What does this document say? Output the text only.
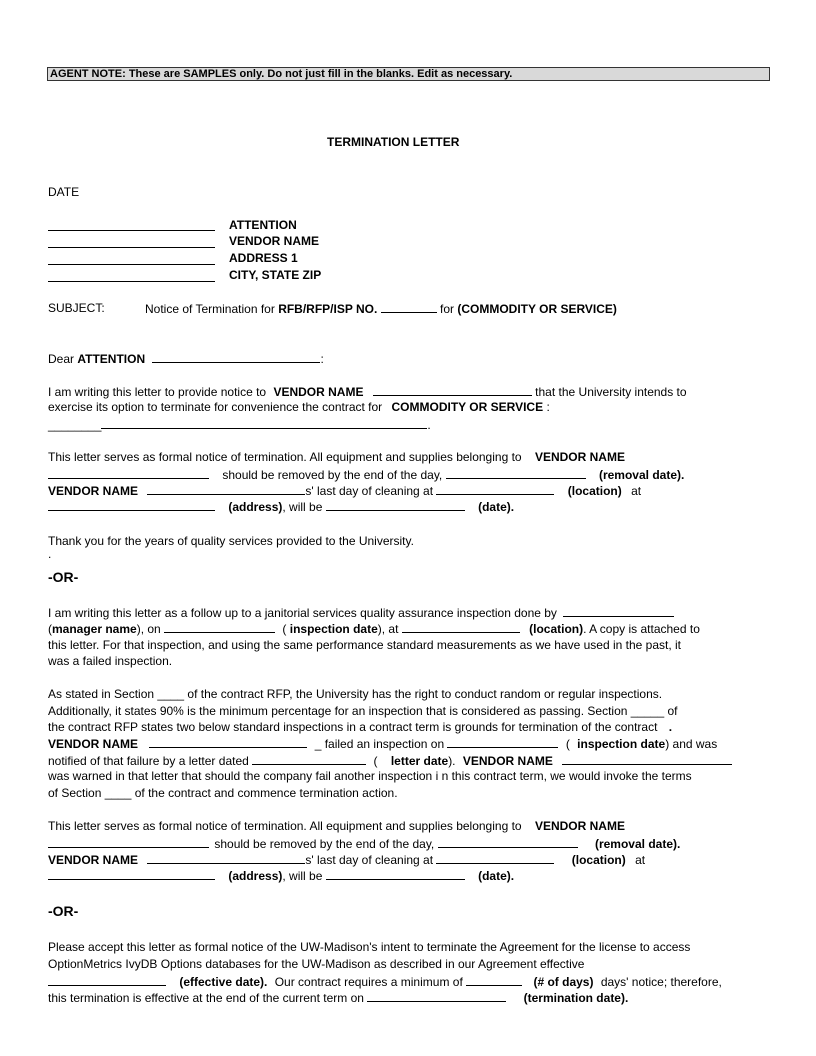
AGENT NOTE: These are SAMPLES only. Do not just fill in the blanks. Edit as necessary.
TERMINATION LETTER
DATE
ATTENTION
VENDOR NAME
ADDRESS 1
CITY, STATE ZIP
SUBJECT:	Notice of Termination for RFB/RFP/ISP NO.	for (COMMODITY OR SERVICE)
Dear ATTENTION	:
I am writing this letter to provide notice to VENDOR NAME	that the University intends to
exercise its option to terminate for convenience the contract for COMMODITY OR SERVICE :
________	.
This letter serves as formal notice of termination. All equipment and supplies belonging to VENDOR NAME
should be removed by the end of the day,	(removal date).
VENDOR NAME	s' last day of cleaning at	(location) at
(address), will be	(date).
Thank you for the years of quality services provided to the University.
.
-OR-
I am writing this letter as a follow up to a janitorial services quality assurance inspection done by
(manager name), on	( inspection date), at	(location). A copy is attached to
this letter. For that inspection, and using the same performance standard measurements as we have used in the past, it
was a failed inspection.
As stated in Section ____ of the contract RFP, the University has the right to conduct random or regular inspections.
Additionally, it states 90% is the minimum percentage for an inspection that is considered as passing. Section _____ of
the contract RFP states two below standard inspections in a contract term is grounds for termination of the contract .
VENDOR NAME	_ failed an inspection on	( inspection date) and was
notified of that failure by a letter dated	( letter date). VENDOR NAME
was warned in that letter that should the company fail another inspection i n this contract term, we would invoke the terms
of Section ____ of the contract and commence termination action.
This letter serves as formal notice of termination. All equipment and supplies belonging to VENDOR NAME
should be removed by the end of the day,	(removal date).
VENDOR NAME	s' last day of cleaning at	(location) at
(address), will be	(date).
-OR-
Please accept this letter as formal notice of the UW-Madison's intent to terminate the Agreement for the license to access
OptionMetrics IvyDB Options databases for the UW-Madison as described in our Agreement effective
(effective date). Our contract requires a minimum of	(# of days) days' notice; therefore,
this termination is effective at the end of the current term on	(termination date).
